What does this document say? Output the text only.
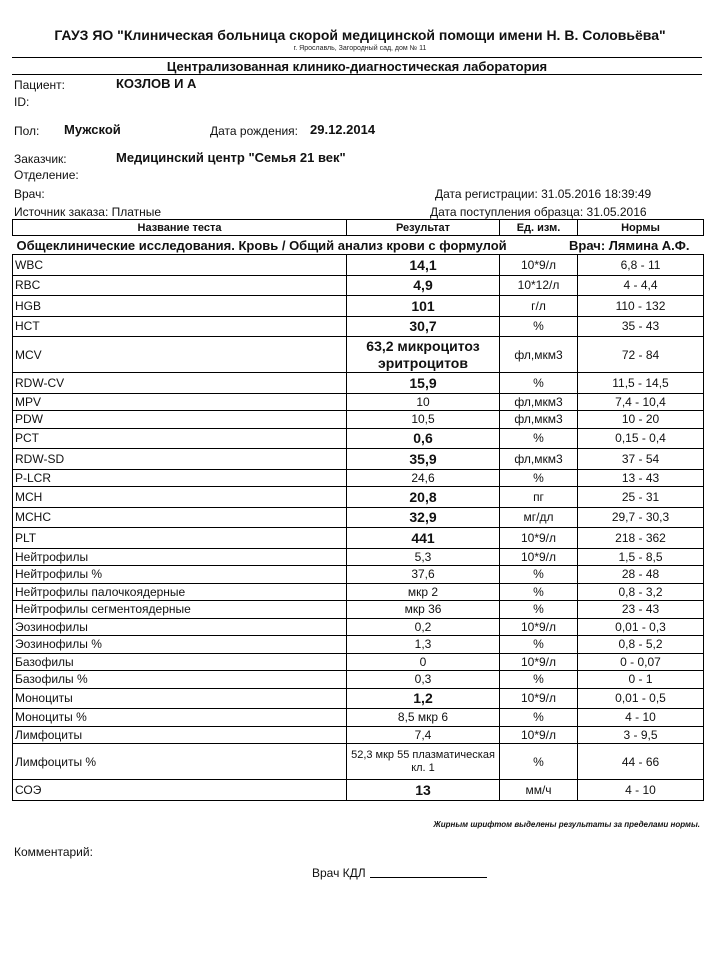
ГАУЗ ЯО "Клиническая больница скорой медицинской помощи имени Н. В. Соловьёва"
г. Ярославль, Загородный сад, дом № 11
Централизованная клинико-диагностическая лаборатория
Пациент:	КОЗЛОВ И А
ID:
Пол: Мужской	Дата рождения: 29.12.2014
Заказчик:	Медицинский центр "Семья 21 век"
Отделение:
Врач:	Дата регистрации: 31.05.2016 18:39:49
Источник заказа: Платные	Дата поступления образца: 31.05.2016
Название теста	Результат	Ед. изм.	Нормы
Общеклинические исследования. Кровь / Общий анализ крови с формулой Врач: Лямина А.Ф.			

WBC	14,1	10*9/л	6,8 - 11
RBC	4,9	10*12/л	4 - 4,4
HGB	101	г/л	110 - 132
HCT	30,7	%	35 - 43
MCV	63,2 микроцитоз эритроцитов	фл,мкм3	72 - 84
RDW-CV	15,9	%	11,5 - 14,5
MPV	10	фл,мкм3	7,4 - 10,4
PDW	10,5	фл,мкм3	10 - 20
PCT	0,6	%	0,15 - 0,4
RDW-SD	35,9	фл,мкм3	37 - 54
P-LCR	24,6	%	13 - 43
MCH	20,8	пг	25 - 31
MCHC	32,9	мг/дл	29,7 - 30,3
PLT	441	10*9/л	218 - 362
Нейтрофилы	5,3	10*9/л	1,5 - 8,5
Нейтрофилы %	37,6	%	28 - 48
Нейтрофилы палочкоядерные	мкр 2	%	0,8 - 3,2
Нейтрофилы сегментоядерные	мкр 36	%	23 - 43
Эозинофилы	0,2	10*9/л	0,01 - 0,3
Эозинофилы %	1,3	%	0,8 - 5,2
Базофилы	0	10*9/л	0 - 0,07
Базофилы %	0,3	%	0 - 1
Моноциты	1,2	10*9/л	0,01 - 0,5
Моноциты %	8,5 мкр 6	%	4 - 10
Лимфоциты	7,4	10*9/л	3 - 9,5
Лимфоциты %	52,3 мкр 55 плазматическая кл. 1	%	44 - 66
СОЭ	13	мм/ч	4 - 10
Жирным шрифтом выделены результаты за пределами нормы.
Комментарий:
Врач КДЛ
